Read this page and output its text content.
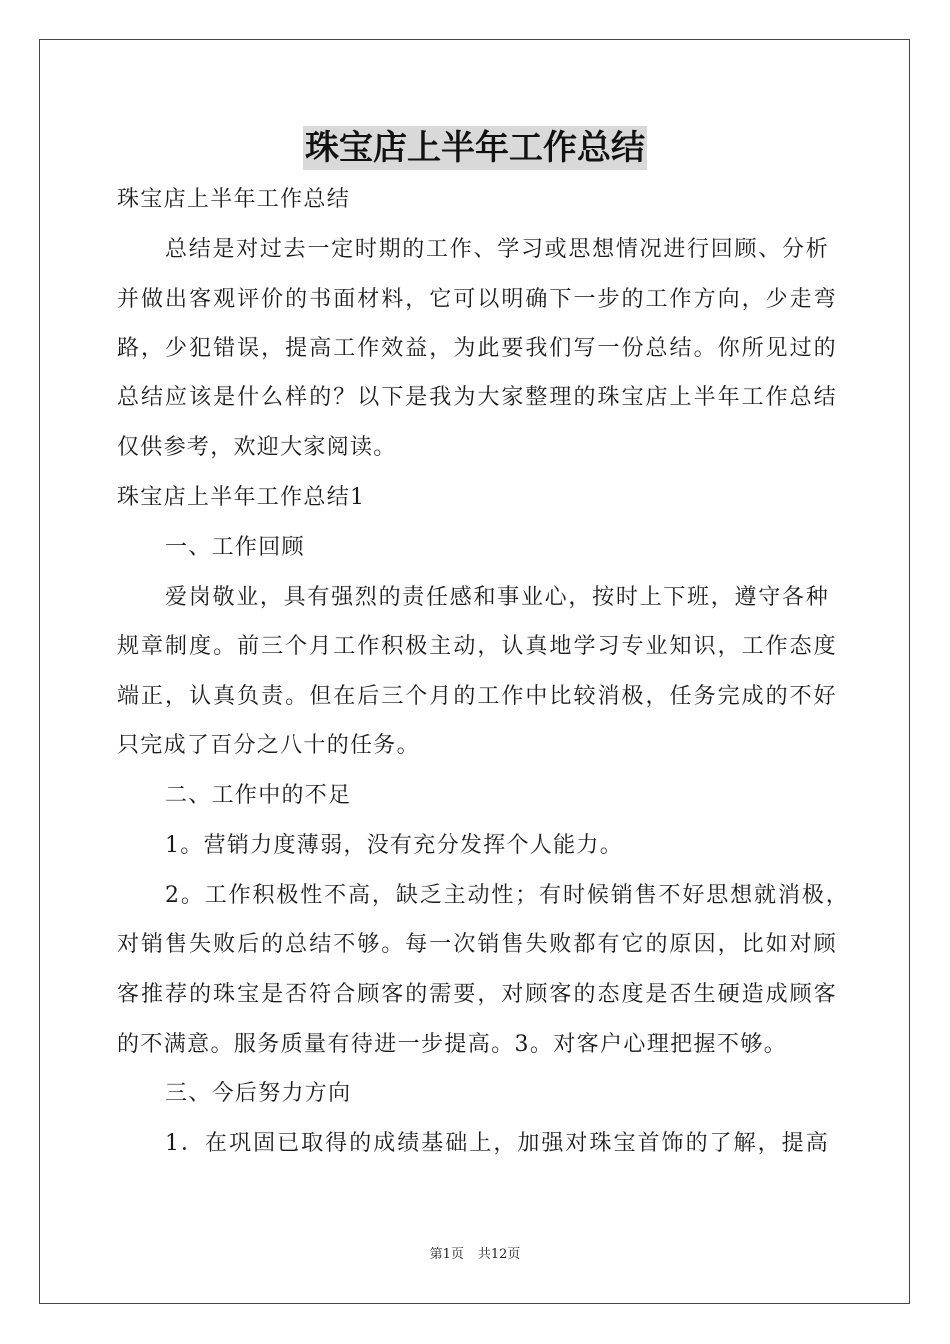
珠宝店上半年工作总结
珠宝店上半年工作总结
总结是对过去一定时期的工作、学习或思想情况进行回顾、分析
并做出客观评价的书面材料，它可以明确下一步的工作方向，少走弯
路，少犯错误，提高工作效益，为此要我们写一份总结。你所见过的
总结应该是什么样的？以下是我为大家整理的珠宝店上半年工作总结
仅供参考，欢迎大家阅读。
珠宝店上半年工作总结1
一、工作回顾
爱岗敬业，具有强烈的责任感和事业心，按时上下班，遵守各种
规章制度。前三个月工作积极主动，认真地学习专业知识，工作态度
端正，认真负责。但在后三个月的工作中比较消极，任务完成的不好
只完成了百分之八十的任务。
二、工作中的不足
1。营销力度薄弱，没有充分发挥个人能力。
2。工作积极性不高，缺乏主动性；有时候销售不好思想就消极，
对销售失败后的总结不够。每一次销售失败都有它的原因，比如对顾
客推荐的珠宝是否符合顾客的需要，对顾客的态度是否生硬造成顾客
的不满意。服务质量有待进一步提高。3。对客户心理把握不够。
三、今后努力方向
1．在巩固已取得的成绩基础上，加强对珠宝首饰的了解，提高
第1页 共12页
